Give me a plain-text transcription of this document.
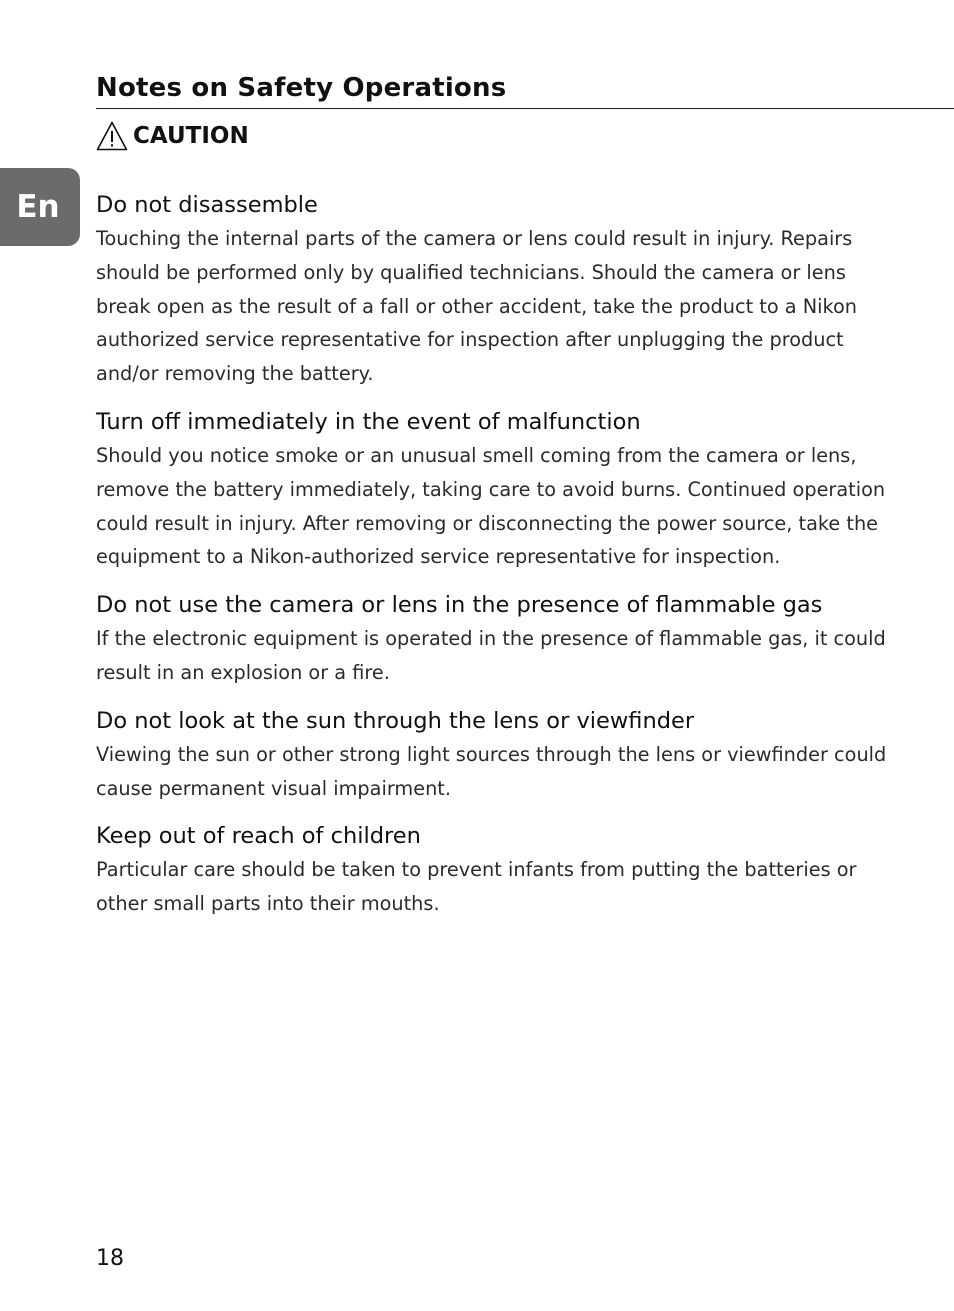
Notes on Safety Operations
CAUTION
En	Do not disassemble

Touching the internal parts of the camera or lens could result in injury. Repairs should be performed only by qualified technicians. Should the camera or lens break open as the result of a fall or other accident, take the product to a Nikon authorized service representative for inspection after unplugging the product and/or removing the battery.

Turn off immediately in the event of malfunction

Should you notice smoke or an unusual smell coming from the camera or lens, remove the battery immediately, taking care to avoid burns. Continued operation could result in injury. After removing or disconnecting the power source, take the equipment to a Nikon-authorized service representative for inspection.

Do not use the camera or lens in the presence of flammable gas

If the electronic equipment is operated in the presence of flammable gas, it could result in an explosion or a fire.

Do not look at the sun through the lens or viewfinder

Viewing the sun or other strong light sources through the lens or viewfinder could cause permanent visual impairment.

Keep out of reach of children

Particular care should be taken to prevent infants from putting the batteries or other small parts into their mouths.

18
